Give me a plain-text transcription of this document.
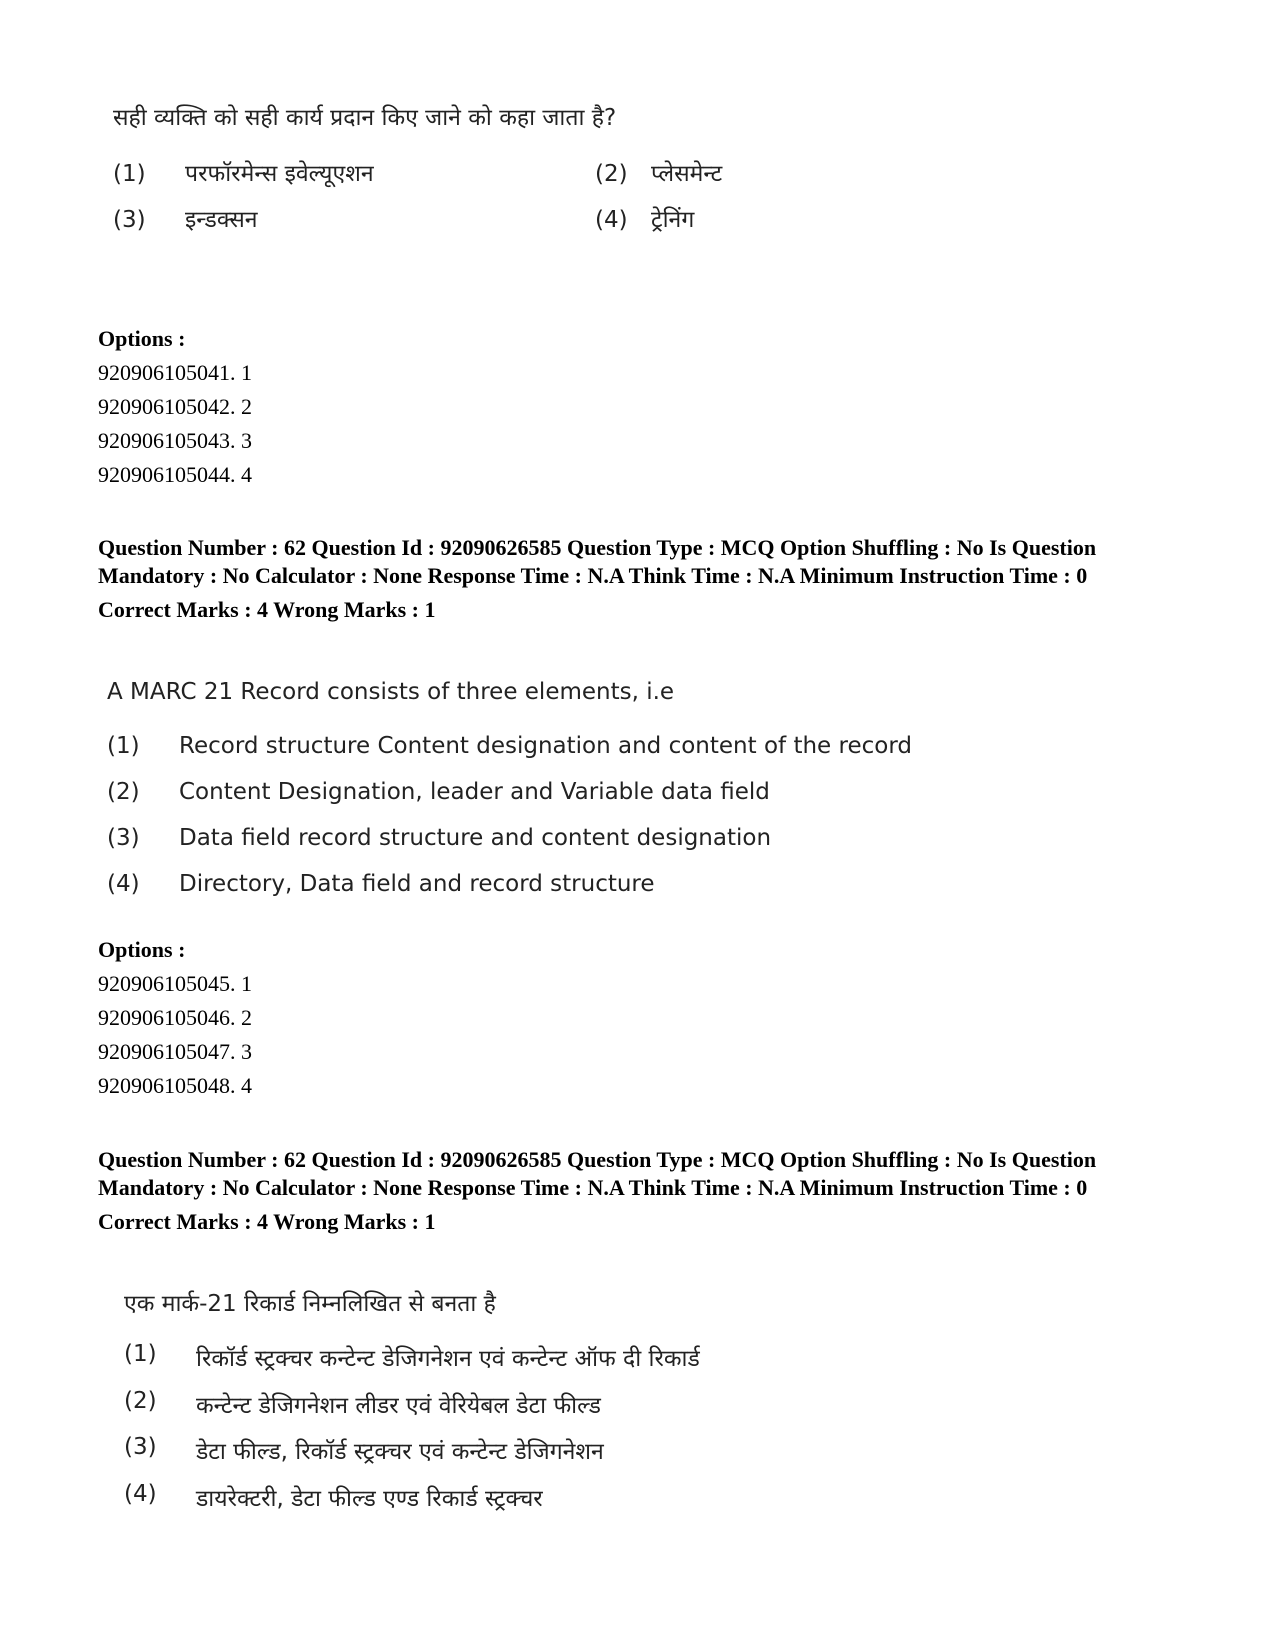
सही व्यक्ति को सही कार्य प्रदान किए जाने को कहा जाता है?
(1) परफॉरमेन्स इवेल्यूएशन	(2) प्लेसमेन्ट
(3) इन्डक्सन	(4) ट्रेनिंग
Options :
920906105041. 1
920906105042. 2
920906105043. 3
920906105044. 4
Question Number : 62 Question Id : 92090626585 Question Type : MCQ Option Shuffling : No Is Question Mandatory : No Calculator : None Response Time : N.A Think Time : N.A Minimum Instruction Time : 0
Correct Marks : 4 Wrong Marks : 1
A MARC 21 Record consists of three elements, i.e
(1)	Record structure Content designation and content of the record
(2)	Content Designation, leader and Variable data field
(3)	Data field record structure and content designation
(4)	Directory, Data field and record structure
Options :
920906105045. 1
920906105046. 2
920906105047. 3
920906105048. 4
Question Number : 62 Question Id : 92090626585 Question Type : MCQ Option Shuffling : No Is Question Mandatory : No Calculator : None Response Time : N.A Think Time : N.A Minimum Instruction Time : 0
Correct Marks : 4 Wrong Marks : 1
एक मार्क-21 रिकार्ड निम्नलिखित से बनता है
(1)	रिकॉर्ड स्ट्रक्चर कन्टेन्ट डेजिगनेशन एवं कन्टेन्ट ऑफ दी रिकार्ड
(2)	कन्टेन्ट डेजिगनेशन लीडर एवं वेरियेबल डेटा फील्ड
(3)	डेटा फील्ड, रिकॉर्ड स्ट्रक्चर एवं कन्टेन्ट डेजिगनेशन
(4)	डायरेक्टरी, डेटा फील्ड एण्ड रिकार्ड स्ट्रक्चर
